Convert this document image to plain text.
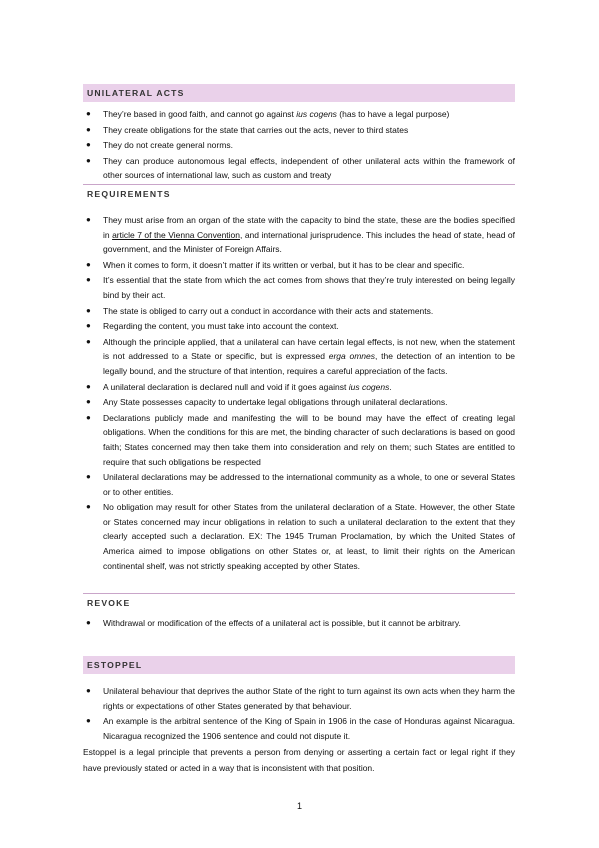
UNILATERAL ACTS
● They’re based in good faith, and cannot go against ius cogens (has to have a legal purpose)
● They create obligations for the state that carries out the acts, never to third states
● They do not create general norms.
● They can produce autonomous legal effects, independent of other unilateral acts within the framework of other sources of international law, such as custom and treaty
REQUIREMENTS
● They must arise from an organ of the state with the capacity to bind the state, these are the bodies specified in article 7 of the Vienna Convention, and international jurisprudence. This includes the head of state, head of government, and the Minister of Foreign Affairs.
● When it comes to form, it doesn’t matter if its written or verbal, but it has to be clear and specific.
● It’s essential that the state from which the act comes from shows that they’re truly interested on being legally bind by their act.
● The state is obliged to carry out a conduct in accordance with their acts and statements.
● Regarding the content, you must take into account the context.
● Although the principle applied, that a unilateral can have certain legal effects, is not new, when the statement is not addressed to a State or specific, but is expressed erga omnes, the detection of an intention to be legally bound, and the structure of that intention, requires a careful appreciation of the facts.
● A unilateral declaration is declared null and void if it goes against ius cogens.
● Any State possesses capacity to undertake legal obligations through unilateral declarations.
● Declarations publicly made and manifesting the will to be bound may have the effect of creating legal obligations. When the conditions for this are met, the binding character of such declarations is based on good faith; States concerned may then take them into consideration and rely on them; such States are entitled to require that such obligations be respected
● Unilateral declarations may be addressed to the international community as a whole, to one or several States or to other entities.
● No obligation may result for other States from the unilateral declaration of a State. However, the other State or States concerned may incur obligations in relation to such a unilateral declaration to the extent that they clearly accepted such a declaration. EX: The 1945 Truman Proclamation, by which the United States of America aimed to impose obligations on other States or, at least, to limit their rights on the American continental shelf, was not strictly speaking accepted by other States.
REVOKE
● Withdrawal or modification of the effects of a unilateral act is possible, but it cannot be arbitrary.
ESTOPPEL
● Unilateral behaviour that deprives the author State of the right to turn against its own acts when they harm the rights or expectations of other States generated by that behaviour.
● An example is the arbitral sentence of the King of Spain in 1906 in the case of Honduras against Nicaragua. Nicaragua recognized the 1906 sentence and could not dispute it.
Estoppel is a legal principle that prevents a person from denying or asserting a certain fact or legal right if they have previously stated or acted in a way that is inconsistent with that position.
1
